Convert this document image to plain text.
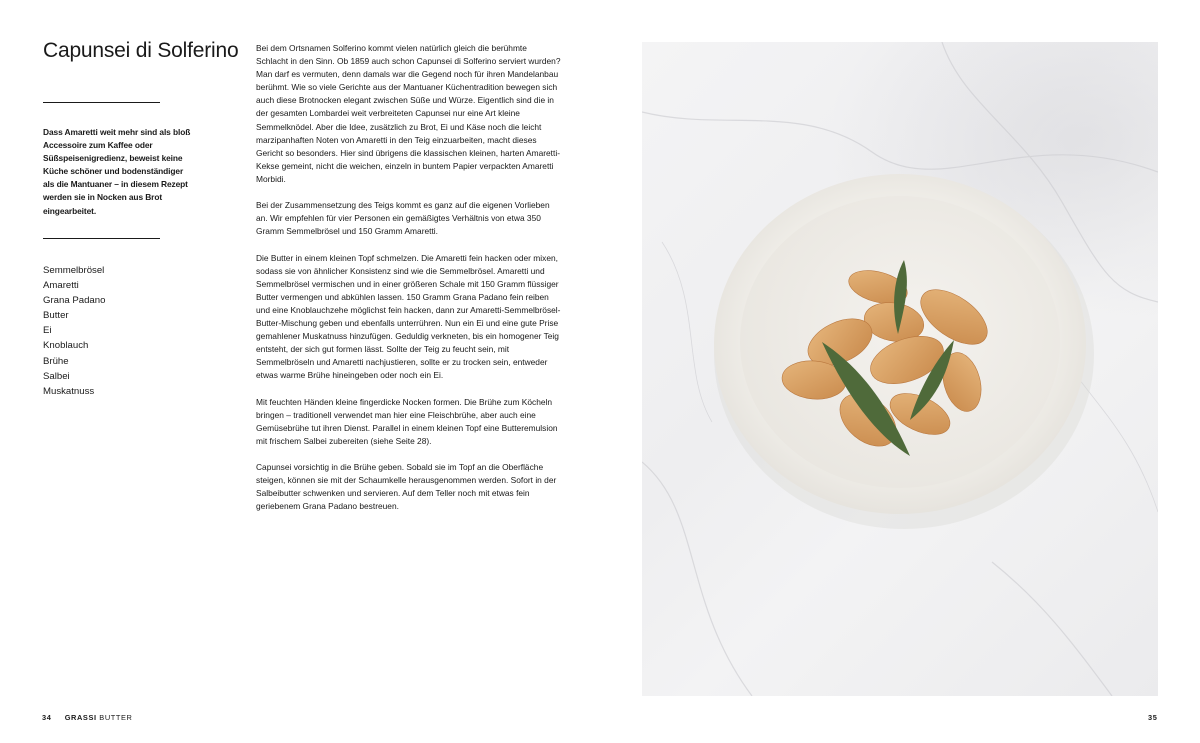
Capunsei di Solferino

Dass Amaretti weit mehr sind als bloß Accessoire zum Kaffee oder Süßspeisenigredienz, beweist keine Küche schöner und bodenständiger als die Mantuaner – in diesem Rezept werden sie in Nocken aus Brot eingearbeitet.

Semmelbrösel
Amaretti
Grana Padano
Butter
Ei
Knoblauch
Brühe
Salbei
Muskatnuss

Bei dem Ortsnamen Solferino kommt vielen natürlich gleich die berühmte Schlacht in den Sinn. Ob 1859 auch schon Capunsei di Solferino serviert wurden? Man darf es vermuten, denn damals war die Gegend noch für ihren Mandelanbau berühmt. Wie so viele Gerichte aus der Mantuaner Küchentradition bewegen sich auch diese Brotnocken elegant zwischen Süße und Würze. Eigentlich sind die in der gesamten Lombardei weit verbreiteten Capunsei nur eine Art kleine Semmelknödel. Aber die Idee, zusätzlich zu Brot, Ei und Käse noch die leicht marzipanhaften Noten von Amaretti in den Teig einzuarbeiten, macht dieses Gericht so besonders. Hier sind übrigens die klassischen kleinen, harten Amaretti-Kekse gemeint, nicht die weichen, einzeln in buntem Papier verpackten Amaretti Morbidi.

Bei der Zusammensetzung des Teigs kommt es ganz auf die eigenen Vorlieben an. Wir empfehlen für vier Personen ein gemäßigtes Verhältnis von etwa 350 Gramm Semmelbrösel und 150 Gramm Amaretti.

Die Butter in einem kleinen Topf schmelzen. Die Amaretti fein hacken oder mixen, sodass sie von ähnlicher Konsistenz sind wie die Semmelbrösel. Amaretti und Semmelbrösel vermischen und in einer größeren Schale mit 150 Gramm flüssiger Butter vermengen und abkühlen lassen. 150 Gramm Grana Padano fein reiben und eine Knoblauchzehe möglichst fein hacken, dann zur Amaretti-Semmelbrösel-Butter-Mischung geben und ebenfalls unterrühren. Nun ein Ei und eine gute Prise gemahlener Muskatnuss hinzufügen. Geduldig verkneten, bis ein homogener Teig entsteht, der sich gut formen lässt. Sollte der Teig zu feucht sein, mit Semmelbröseln und Amaretti nachjustieren, sollte er zu trocken sein, entweder etwas warme Brühe hineingeben oder noch ein Ei.

Mit feuchten Händen kleine fingerdicke Nocken formen. Die Brühe zum Köcheln bringen – traditionell verwendet man hier eine Fleischbrühe, aber auch eine Gemüsebrühe tut ihren Dienst. Parallel in einem kleinen Topf eine Butteremulsion mit frischem Salbei zubereiten (siehe Seite 28).

Capunsei vorsichtig in die Brühe geben. Sobald sie im Topf an die Oberfläche steigen, können sie mit der Schaumkelle herausgenommen werden. Sofort in der Salbeibutter schwenken und servieren. Auf dem Teller noch mit etwas fein geriebenem Grana Padano bestreuen.

34 GRASSI BUTTER	35
